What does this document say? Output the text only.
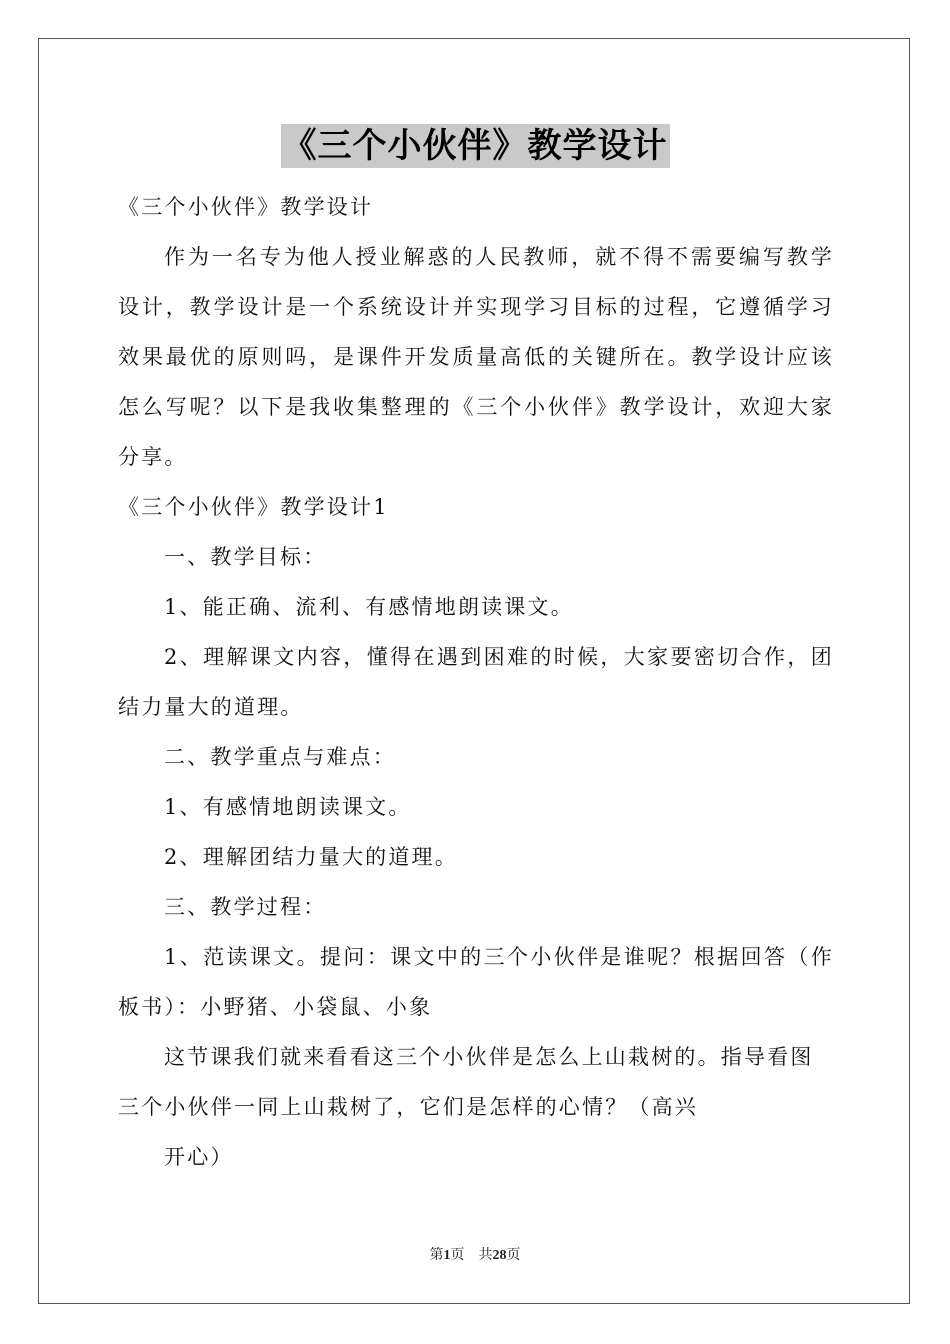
《三个小伙伴》教学设计

《三个小伙伴》教学设计

作为一名专为他人授业解惑的人民教师，就不得不需要编写教学设计，教学设计是一个系统设计并实现学习目标的过程，它遵循学习效果最优的原则吗，是课件开发质量高低的关键所在。教学设计应该怎么写呢？以下是我收集整理的《三个小伙伴》教学设计，欢迎大家分享。

《三个小伙伴》教学设计1

一、教学目标：

1、能正确、流利、有感情地朗读课文。

2、理解课文内容，懂得在遇到困难的时候，大家要密切合作，团结力量大的道理。

二、教学重点与难点：

1、有感情地朗读课文。

2、理解团结力量大的道理。

三、教学过程：

1、范读课文。提问：课文中的三个小伙伴是谁呢？根据回答（作板书）：小野猪、小袋鼠、小象

这节课我们就来看看这三个小伙伴是怎么上山栽树的。指导看图三个小伙伴一同上山栽树了，它们是怎样的心情？（高兴

开心）

第1页 共28页
